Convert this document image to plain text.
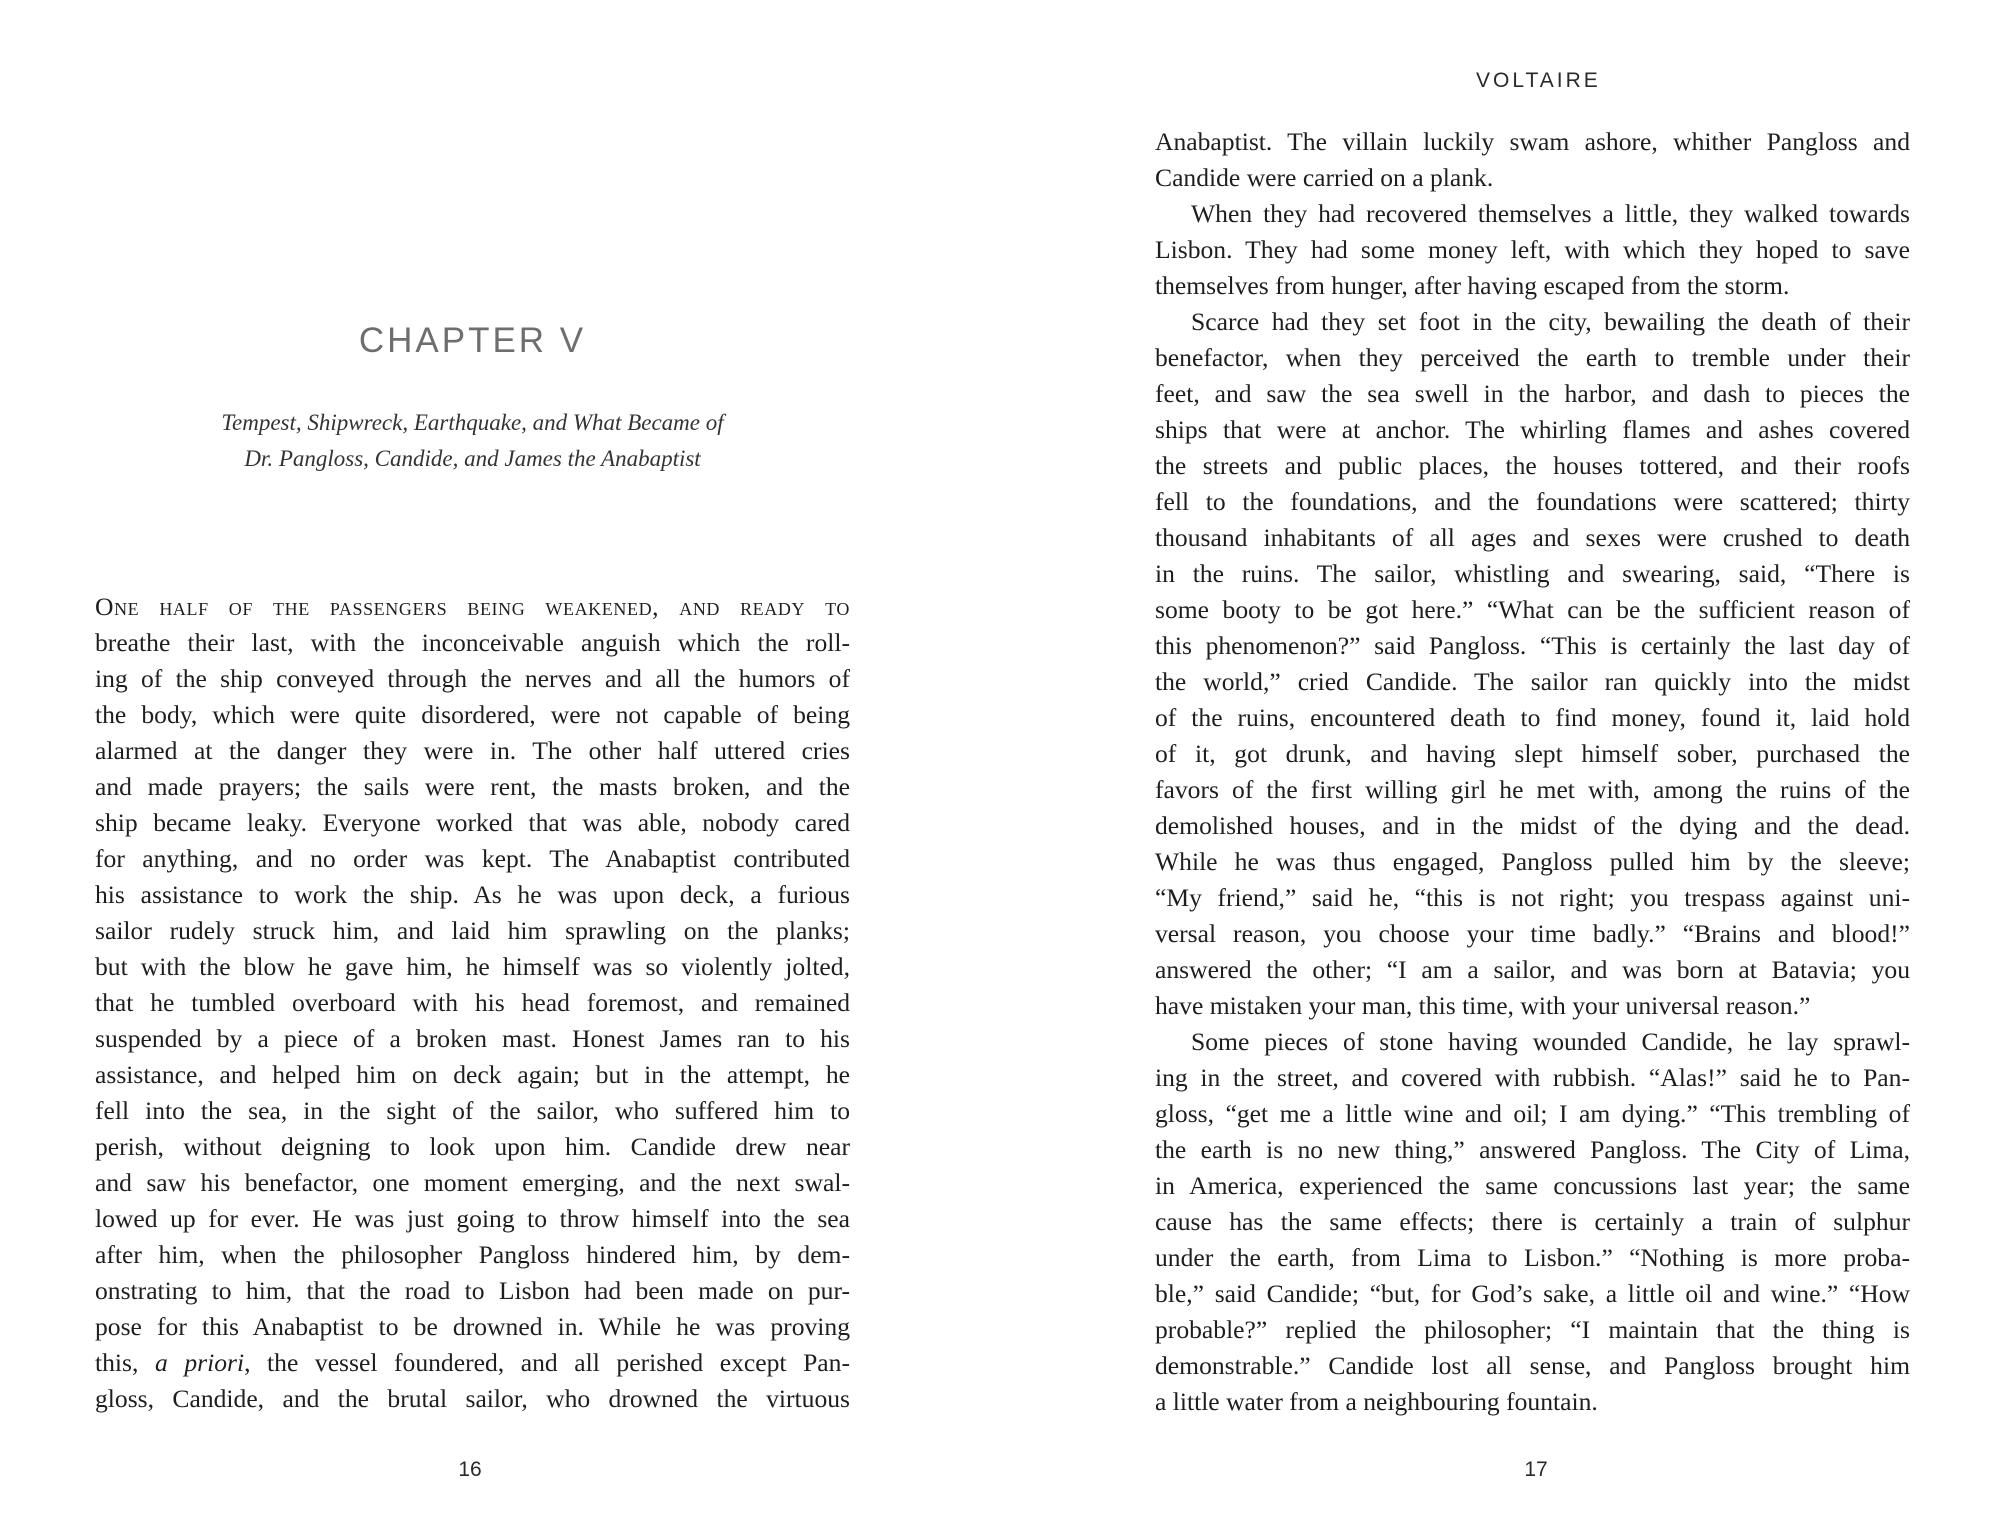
CHAPTER V
Tempest, Shipwreck, Earthquake, and What Became of
Dr. Pangloss, Candide, and James the Anabaptist
One half of the passengers being weakened, and ready to
breathe their last, with the inconceivable anguish which the roll-
ing of the ship conveyed through the nerves and all the humors of
the body, which were quite disordered, were not capable of being
alarmed at the danger they were in. The other half uttered cries
and made prayers; the sails were rent, the masts broken, and the
ship became leaky. Everyone worked that was able, nobody cared
for anything, and no order was kept. The Anabaptist contributed
his assistance to work the ship. As he was upon deck, a furious
sailor rudely struck him, and laid him sprawling on the planks;
but with the blow he gave him, he himself was so violently jolted,
that he tumbled overboard with his head foremost, and remained
suspended by a piece of a broken mast. Honest James ran to his
assistance, and helped him on deck again; but in the attempt, he
fell into the sea, in the sight of the sailor, who suffered him to
perish, without deigning to look upon him. Candide drew near
and saw his benefactor, one moment emerging, and the next swal-
lowed up for ever. He was just going to throw himself into the sea
after him, when the philosopher Pangloss hindered him, by dem-
onstrating to him, that the road to Lisbon had been made on pur-
pose for this Anabaptist to be drowned in. While he was proving
this, a priori, the vessel foundered, and all perished except Pan-
gloss, Candide, and the brutal sailor, who drowned the virtuous
16
VOLTAIRE
Anabaptist. The villain luckily swam ashore, whither Pangloss and
Candide were carried on a plank.
When they had recovered themselves a little, they walked towards
Lisbon. They had some money left, with which they hoped to save
themselves from hunger, after having escaped from the storm.
Scarce had they set foot in the city, bewailing the death of their
benefactor, when they perceived the earth to tremble under their
feet, and saw the sea swell in the harbor, and dash to pieces the
ships that were at anchor. The whirling flames and ashes covered
the streets and public places, the houses tottered, and their roofs
fell to the foundations, and the foundations were scattered; thirty
thousand inhabitants of all ages and sexes were crushed to death
in the ruins. The sailor, whistling and swearing, said, “There is
some booty to be got here.” “What can be the sufficient reason of
this phenomenon?” said Pangloss. “This is certainly the last day of
the world,” cried Candide. The sailor ran quickly into the midst
of the ruins, encountered death to find money, found it, laid hold
of it, got drunk, and having slept himself sober, purchased the
favors of the first willing girl he met with, among the ruins of the
demolished houses, and in the midst of the dying and the dead.
While he was thus engaged, Pangloss pulled him by the sleeve;
“My friend,” said he, “this is not right; you trespass against uni-
versal reason, you choose your time badly.” “Brains and blood!”
answered the other; “I am a sailor, and was born at Batavia; you
have mistaken your man, this time, with your universal reason.”
Some pieces of stone having wounded Candide, he lay sprawl-
ing in the street, and covered with rubbish. “Alas!” said he to Pan-
gloss, “get me a little wine and oil; I am dying.” “This trembling of
the earth is no new thing,” answered Pangloss. The City of Lima,
in America, experienced the same concussions last year; the same
cause has the same effects; there is certainly a train of sulphur
under the earth, from Lima to Lisbon.” “Nothing is more proba-
ble,” said Candide; “but, for God’s sake, a little oil and wine.” “How
probable?” replied the philosopher; “I maintain that the thing is
demonstrable.” Candide lost all sense, and Pangloss brought him
a little water from a neighbouring fountain.
17
